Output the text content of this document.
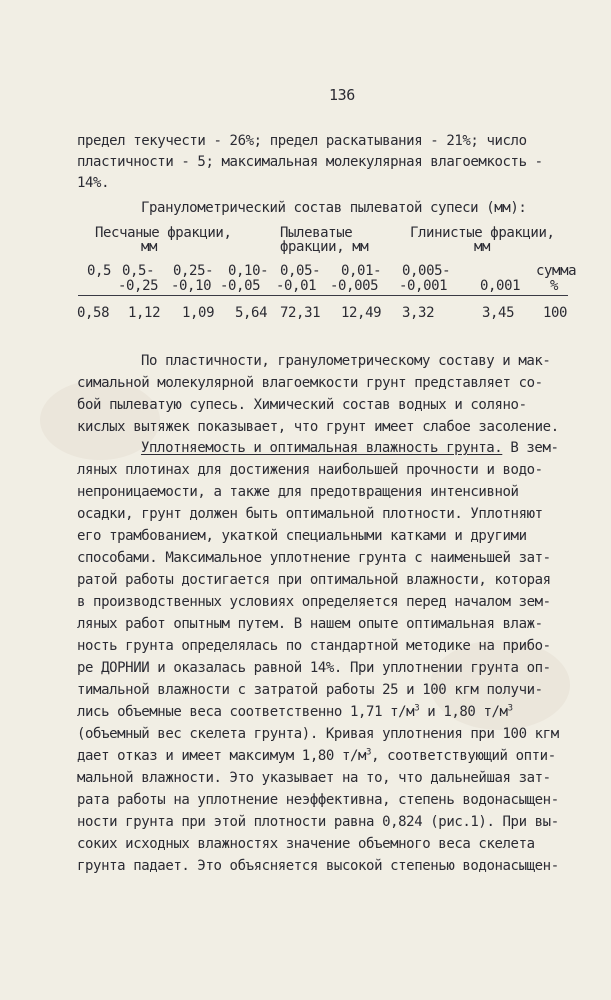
136
предел текучести - 26%; предел раскатывания - 21%; число
пластичности - 5; максимальная молекулярная влагоемкость -
14%.
Гранулометрический состав пылеватой супеси (мм):
Песчаные фракции,
мм
Пылеватые
фракции, мм
Глинистые фракции,
мм
0,5 0,5- 0,25- 0,10- 0,05- 0,01- 0,005-	сумма
-0,25 -0,10 -0,05 -0,01 -0,005 -0,001 0,001 %
0,58 1,12 1,09 5,64 72,31 12,49 3,32	3,45 100
По пластичности, гранулометрическому составу и мак-
симальной молекулярной влагоемкости грунт представляет со-
бой пылеватую супесь. Химический состав водных и соляно-
кислых вытяжек показывает, что грунт имеет слабое засоление.
Уплотняемость и оптимальная влажность грунта. В зем-
ляных плотинах для достижения наибольшей прочности и водо-
непроницаемости, а также для предотвращения интенсивной
осадки, грунт должен быть оптимальной плотности. Уплотняют
его трамбованием, укаткой специальными катками и другими
способами. Максимальное уплотнение грунта с наименьшей зат-
ратой работы достигается при оптимальной влажности, которая
в производственных условиях определяется перед началом зем-
ляных работ опытным путем. В нашем опыте оптимальная влаж-
ность грунта определялась по стандартной методике на прибо-
ре ДОРНИИ и оказалась равной 14%. При уплотнении грунта оп-
тимальной влажности с затратой работы 25 и 100 кгм получи-
лись объемные веса соответственно 1,71 $т/м^3$ и 1,80 $т/м^3$
(объемный вес скелета грунта). Кривая уплотнения при 100 кгм
дает отказ и имеет максимум 1,80 $т/м^3$, соответствующий опти-
мальной влажности. Это указывает на то, что дальнейшая зат-
рата работы на уплотнение неэффективна, степень водонасыщен-
ности грунта при этой плотности равна 0,824 (рис.1). При вы-
соких исходных влажностях значение объемного веса скелета
грунта падает. Это объясняется высокой степенью водонасыщен-
